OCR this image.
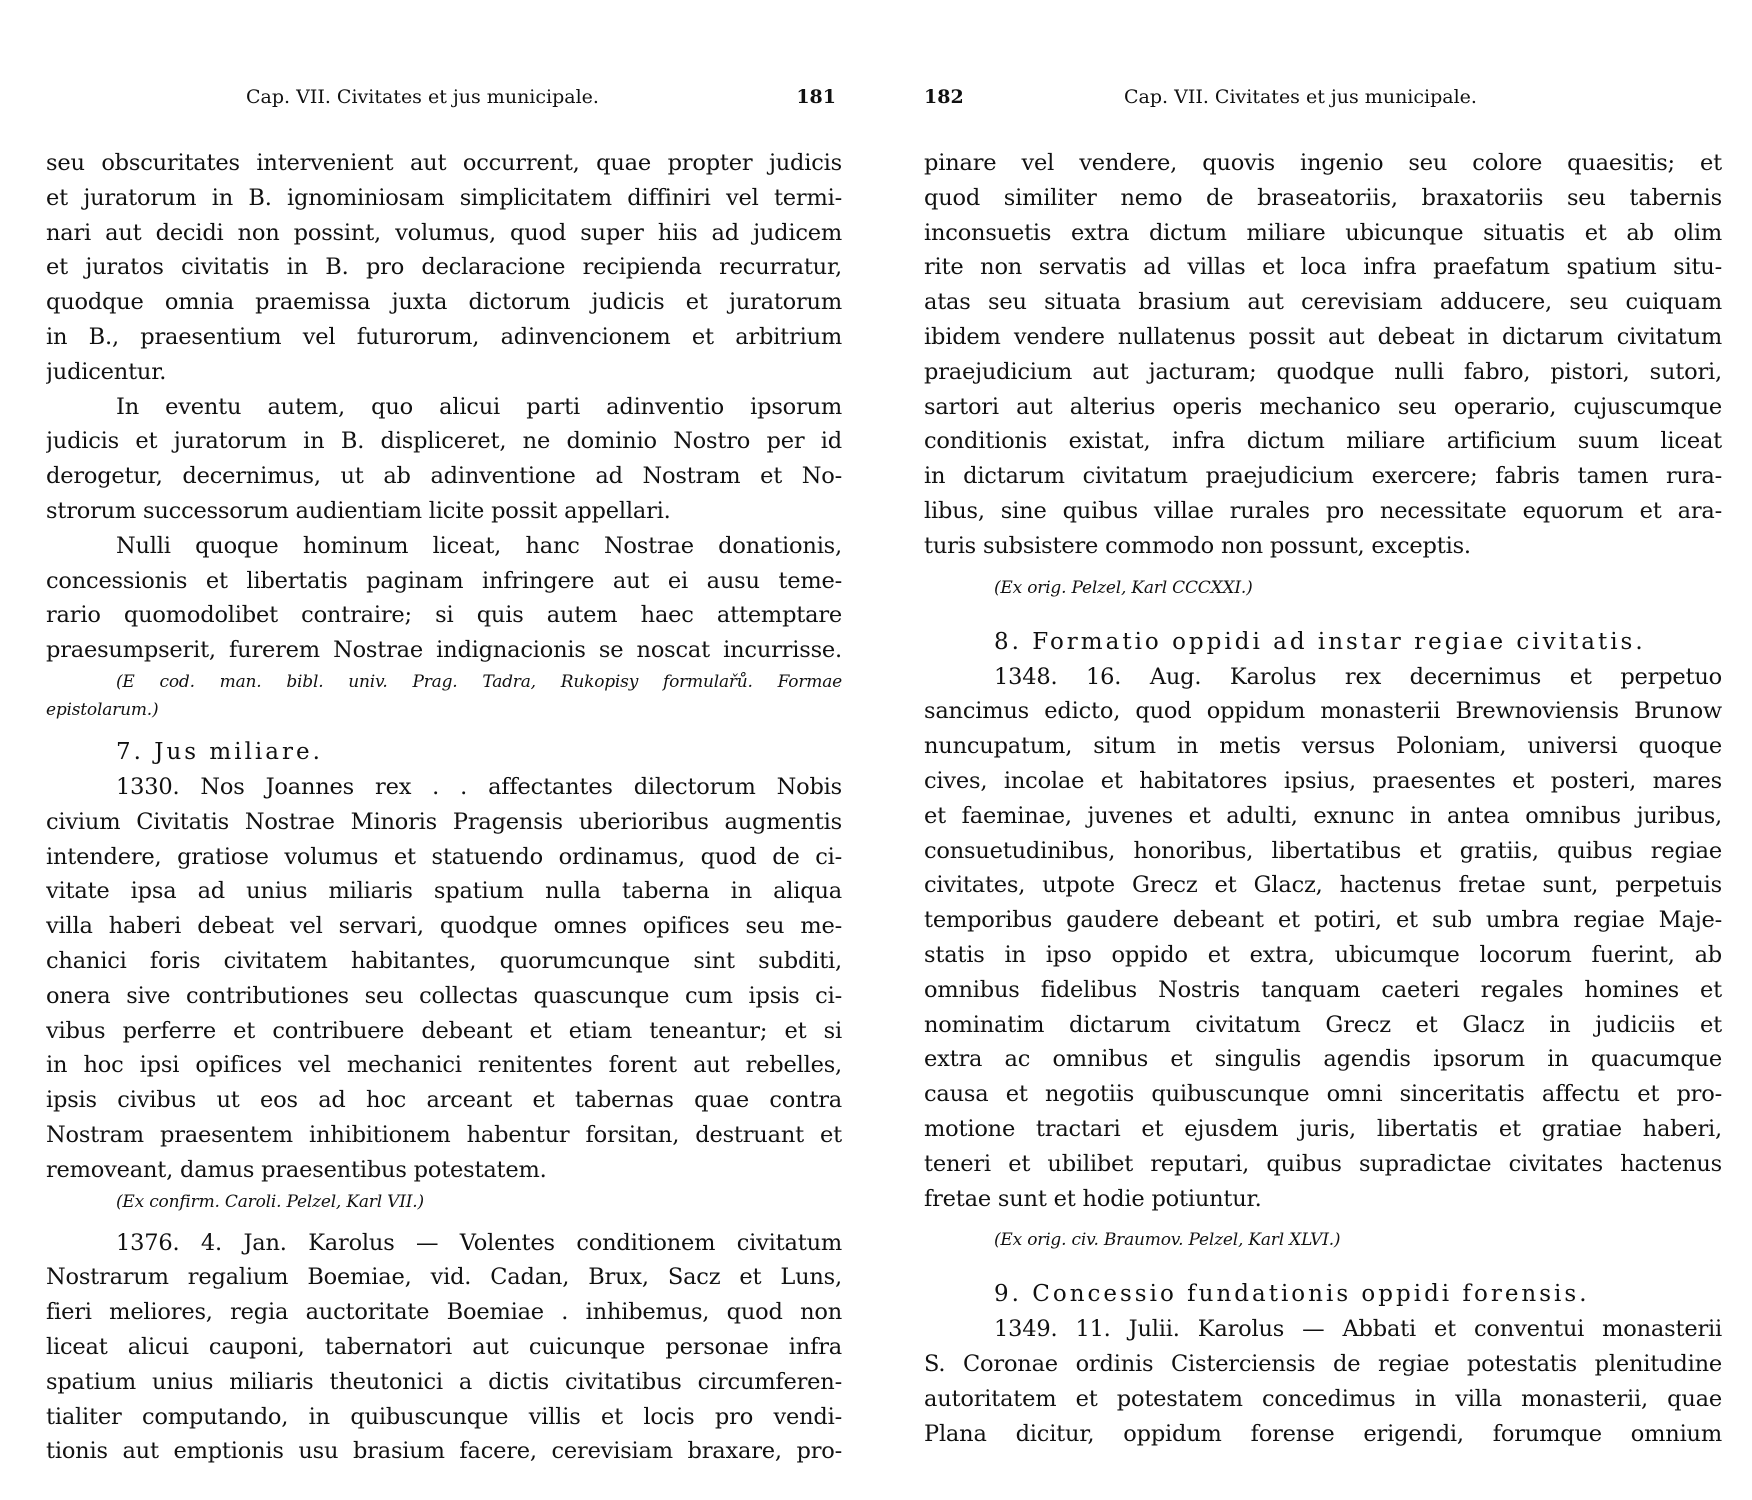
Cap. VII. Civitates et jus municipale.	181
seu obscuritates intervenient aut occurrent, quae propter judicis
et juratorum in B. ignominiosam simplicitatem diffiniri vel termi-
nari aut decidi non possint, volumus, quod super hiis ad judicem
et juratos civitatis in B. pro declaracione recipienda recurratur,
quodque omnia praemissa juxta dictorum judicis et juratorum
in B., praesentium vel futurorum, adinvencionem et arbitrium
judicentur.
In eventu autem, quo alicui parti adinventio ipsorum
judicis et juratorum in B. displiceret, ne dominio Nostro per id
derogetur, decernimus, ut ab adinventione ad Nostram et No-
strorum successorum audientiam licite possit appellari.
Nulli quoque hominum liceat, hanc Nostrae donationis,
concessionis et libertatis paginam infringere aut ei ausu teme-
rario quomodolibet contraire; si quis autem haec attemptare
praesumpserit, furerem Nostrae indignacionis se noscat incurrisse.
(E cod. man. bibl. univ. Prag. Tadra, Rukopisy formulařů. Formae
epistolarum.)
7. Jus miliare.
1330. Nos Joannes rex . . affectantes dilectorum Nobis
civium Civitatis Nostrae Minoris Pragensis uberioribus augmentis
intendere, gratiose volumus et statuendo ordinamus, quod de ci-
vitate ipsa ad unius miliaris spatium nulla taberna in aliqua
villa haberi debeat vel servari, quodque omnes opifices seu me-
chanici foris civitatem habitantes, quorumcunque sint subditi,
onera sive contributiones seu collectas quascunque cum ipsis ci-
vibus perferre et contribuere debeant et etiam teneantur; et si
in hoc ipsi opifices vel mechanici renitentes forent aut rebelles,
ipsis civibus ut eos ad hoc arceant et tabernas quae contra
Nostram praesentem inhibitionem habentur forsitan, destruant et
removeant, damus praesentibus potestatem.
(Ex confirm. Caroli. Pelzel, Karl VII.)
1376. 4. Jan. Karolus — Volentes conditionem civitatum
Nostrarum regalium Boemiae, vid. Cadan, Brux, Sacz et Luns,
fieri meliores, regia auctoritate Boemiae . inhibemus, quod non
liceat alicui cauponi, tabernatori aut cuicunque personae infra
spatium unius miliaris theutonici a dictis civitatibus circumferen-
tialiter computando, in quibuscunque villis et locis pro vendi-
tionis aut emptionis usu brasium facere, cerevisiam braxare, pro-
182	Cap. VII. Civitates et jus municipale.
pinare vel vendere, quovis ingenio seu colore quaesitis; et
quod similiter nemo de braseatoriis, braxatoriis seu tabernis
inconsuetis extra dictum miliare ubicunque situatis et ab olim
rite non servatis ad villas et loca infra praefatum spatium situ-
atas seu situata brasium aut cerevisiam adducere, seu cuiquam
ibidem vendere nullatenus possit aut debeat in dictarum civitatum
praejudicium aut jacturam; quodque nulli fabro, pistori, sutori,
sartori aut alterius operis mechanico seu operario, cujuscumque
conditionis existat, infra dictum miliare artificium suum liceat
in dictarum civitatum praejudicium exercere; fabris tamen rura-
libus, sine quibus villae rurales pro necessitate equorum et ara-
turis subsistere commodo non possunt, exceptis.
(Ex orig. Pelzel, Karl CCCXXI.)
8. Formatio oppidi ad instar regiae civitatis.
1348. 16. Aug. Karolus rex decernimus et perpetuo
sancimus edicto, quod oppidum monasterii Brewnoviensis Brunow
nuncupatum, situm in metis versus Poloniam, universi quoque
cives, incolae et habitatores ipsius, praesentes et posteri, mares
et faeminae, juvenes et adulti, exnunc in antea omnibus juribus,
consuetudinibus, honoribus, libertatibus et gratiis, quibus regiae
civitates, utpote Grecz et Glacz, hactenus fretae sunt, perpetuis
temporibus gaudere debeant et potiri, et sub umbra regiae Maje-
statis in ipso oppido et extra, ubicumque locorum fuerint, ab
omnibus fidelibus Nostris tanquam caeteri regales homines et
nominatim dictarum civitatum Grecz et Glacz in judiciis et
extra ac omnibus et singulis agendis ipsorum in quacumque
causa et negotiis quibuscunque omni sinceritatis affectu et pro-
motione tractari et ejusdem juris, libertatis et gratiae haberi,
teneri et ubilibet reputari, quibus supradictae civitates hactenus
fretae sunt et hodie potiuntur.
(Ex orig. civ. Braumov. Pelzel, Karl XLVI.)
9. Concessio fundationis oppidi forensis.
1349. 11. Julii. Karolus — Abbati et conventui monasterii
S. Coronae ordinis Cisterciensis de regiae potestatis plenitudine
autoritatem et potestatem concedimus in villa monasterii, quae
Plana dicitur, oppidum forense erigendi, forumque omnium
